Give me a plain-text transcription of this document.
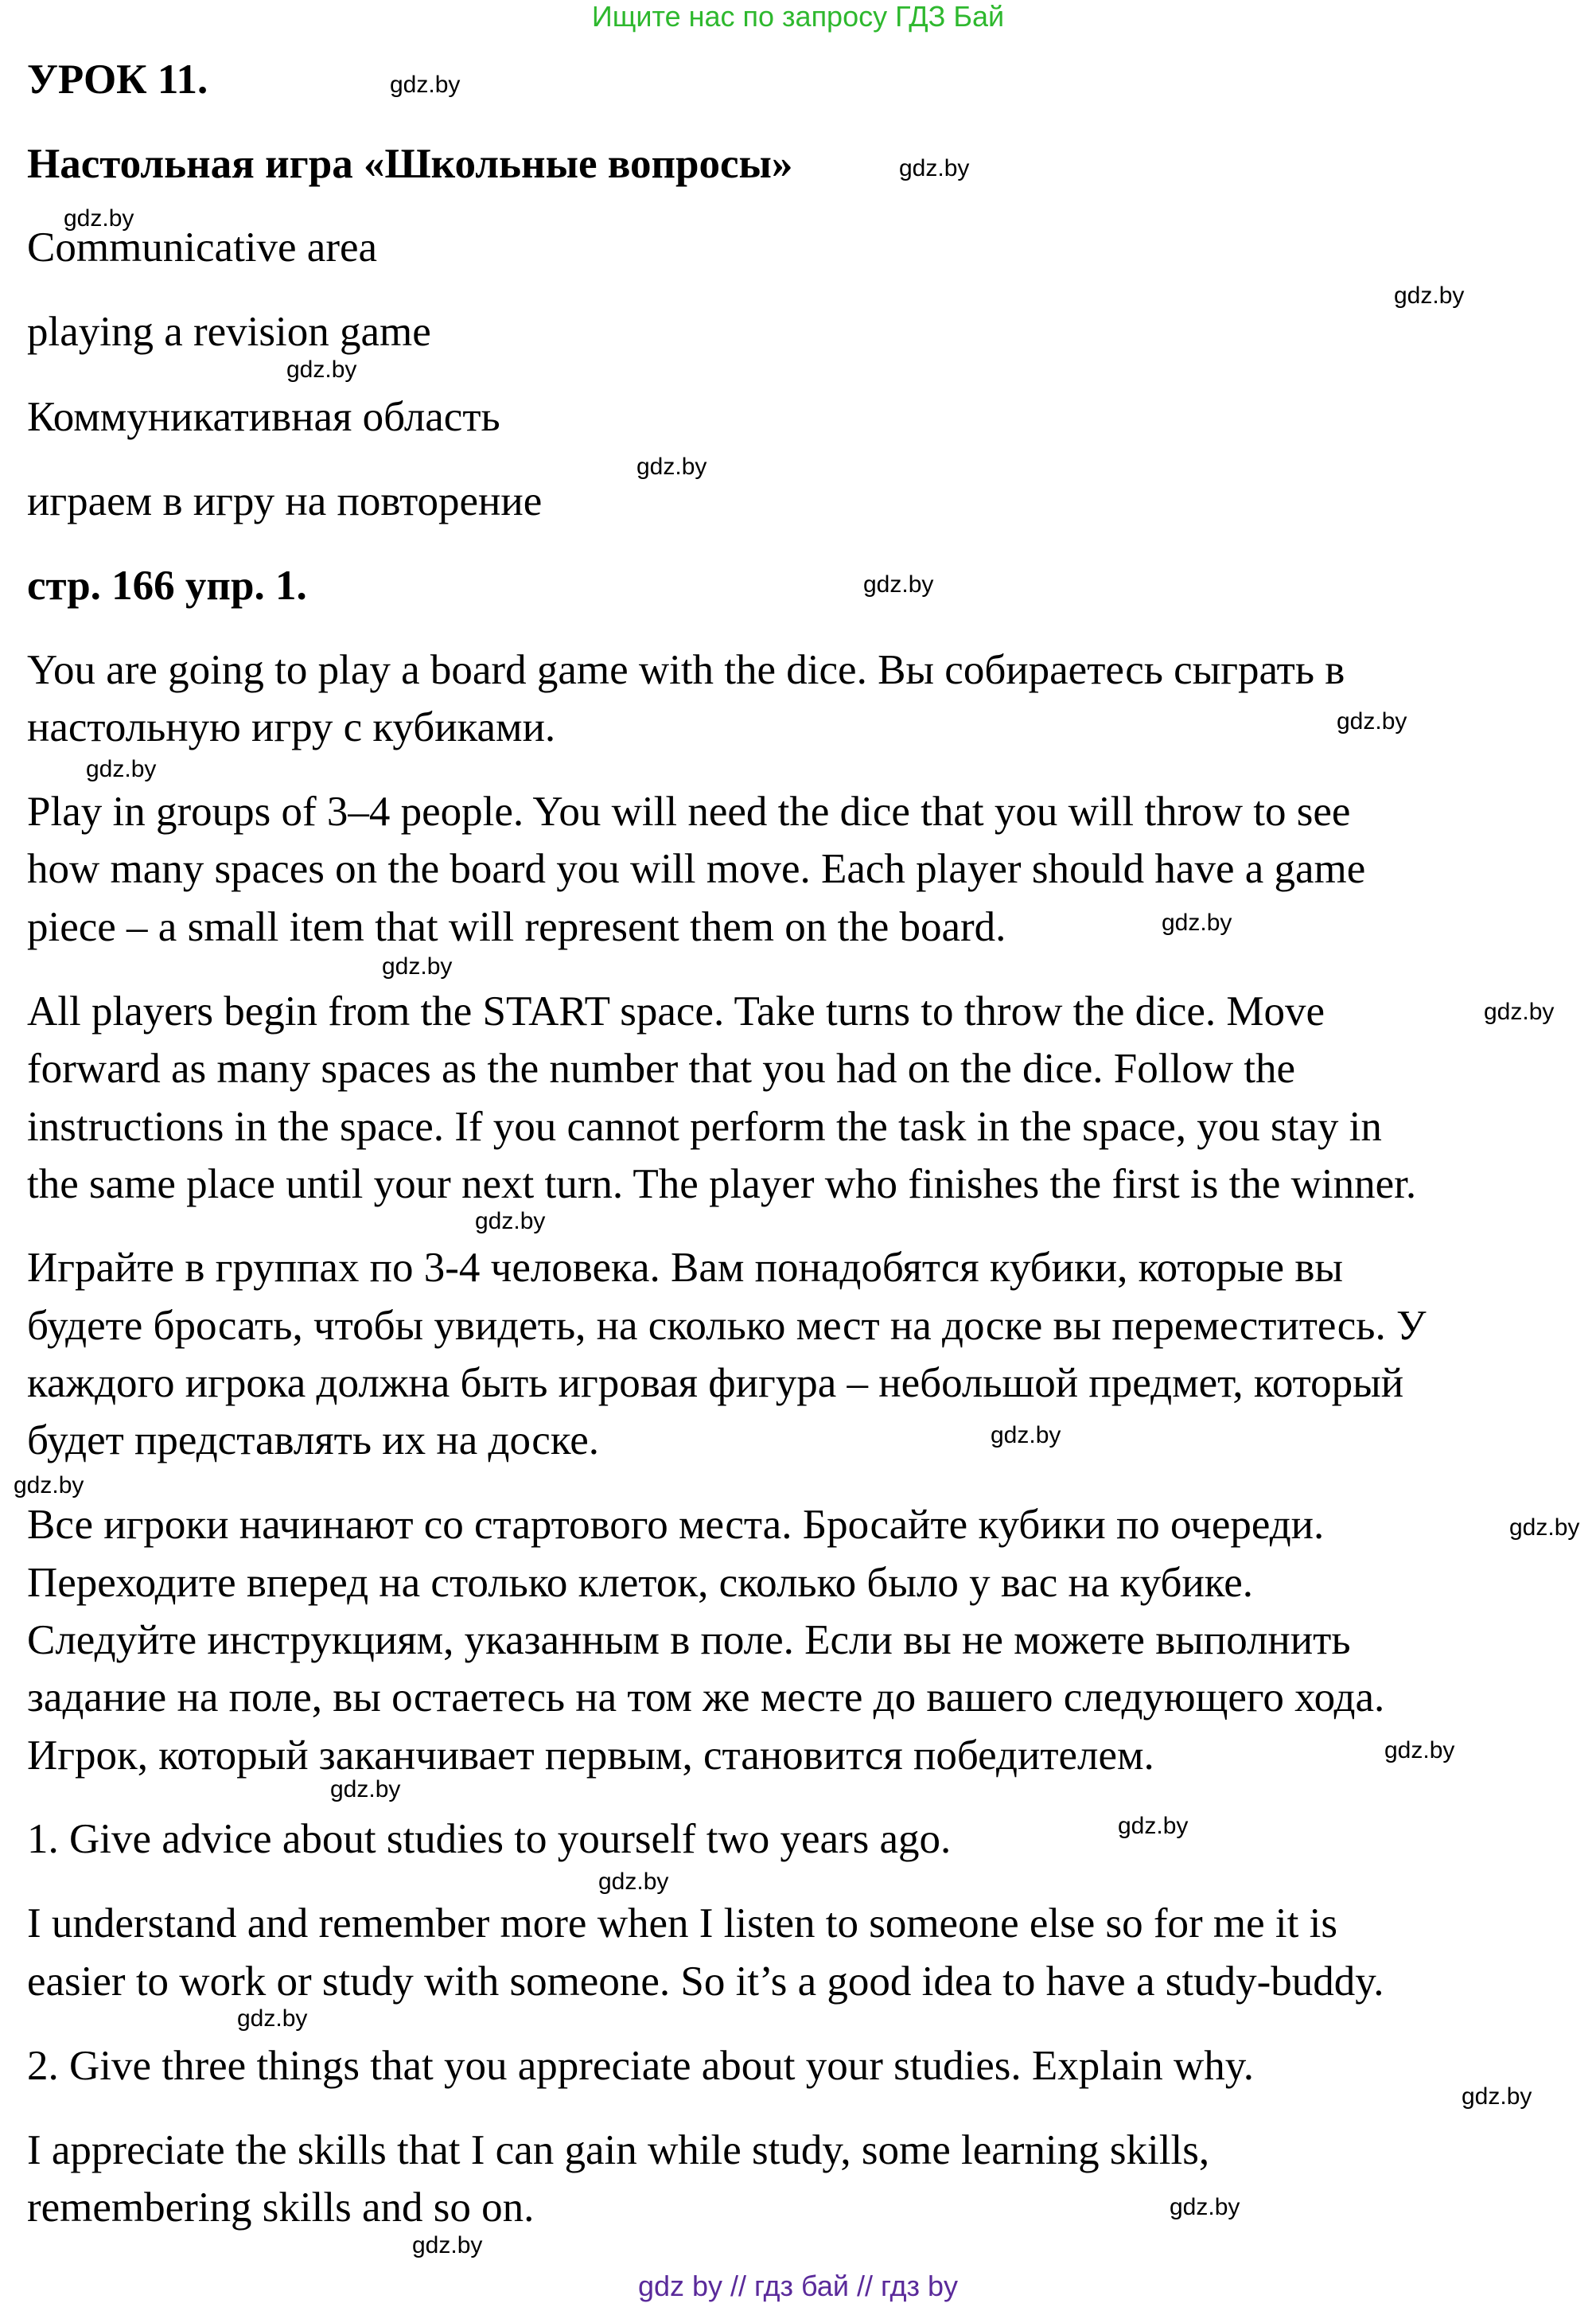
Ищите нас по запросу ГДЗ Бай
УРОК 11.
Настольная игра «Школьные вопросы»
Communicative area
playing a revision game
Коммуникативная область
играем в игру на повторение
стр. 166 упр. 1.
You are going to play a board game with the dice. Вы собираетесь сыграть в
настольную игру с кубиками.
Play in groups of 3–4 people. You will need the dice that you will throw to see
how many spaces on the board you will move. Each player should have a game
piece – a small item that will represent them on the board.
All players begin from the START space. Take turns to throw the dice. Move
forward as many spaces as the number that you had on the dice. Follow the
instructions in the space. If you cannot perform the task in the space, you stay in
the same place until your next turn. The player who finishes the first is the winner.
Играйте в группах по 3-4 человека. Вам понадобятся кубики, которые вы
будете бросать, чтобы увидеть, на сколько мест на доске вы переместитесь. У
каждого игрока должна быть игровая фигура – небольшой предмет, который
будет представлять их на доске.
Все игроки начинают со стартового места. Бросайте кубики по очереди.
Переходите вперед на столько клеток, сколько было у вас на кубике.
Следуйте инструкциям, указанным в поле. Если вы не можете выполнить
задание на поле, вы остаетесь на том же месте до вашего следующего хода.
Игрок, который заканчивает первым, становится победителем.
1. Give advice about studies to yourself two years ago.
I understand and remember more when I listen to someone else so for me it is
easier to work or study with someone. So it’s a good idea to have a study-buddy.
2. Give three things that you appreciate about your studies. Explain why.
I appreciate the skills that I can gain while study, some learning skills,
remembering skills and so on.
gdz.by
gdz.by
gdz.by
gdz.by
gdz.by
gdz.by
gdz.by
gdz.by
gdz.by
gdz.by
gdz.by
gdz.by
gdz.by
gdz.by
gdz.by
gdz.by
gdz.by
gdz.by
gdz.by
gdz.by
gdz.by
gdz.by
gdz.by
gdz.by
gdz by // гдз бай // гдз by
